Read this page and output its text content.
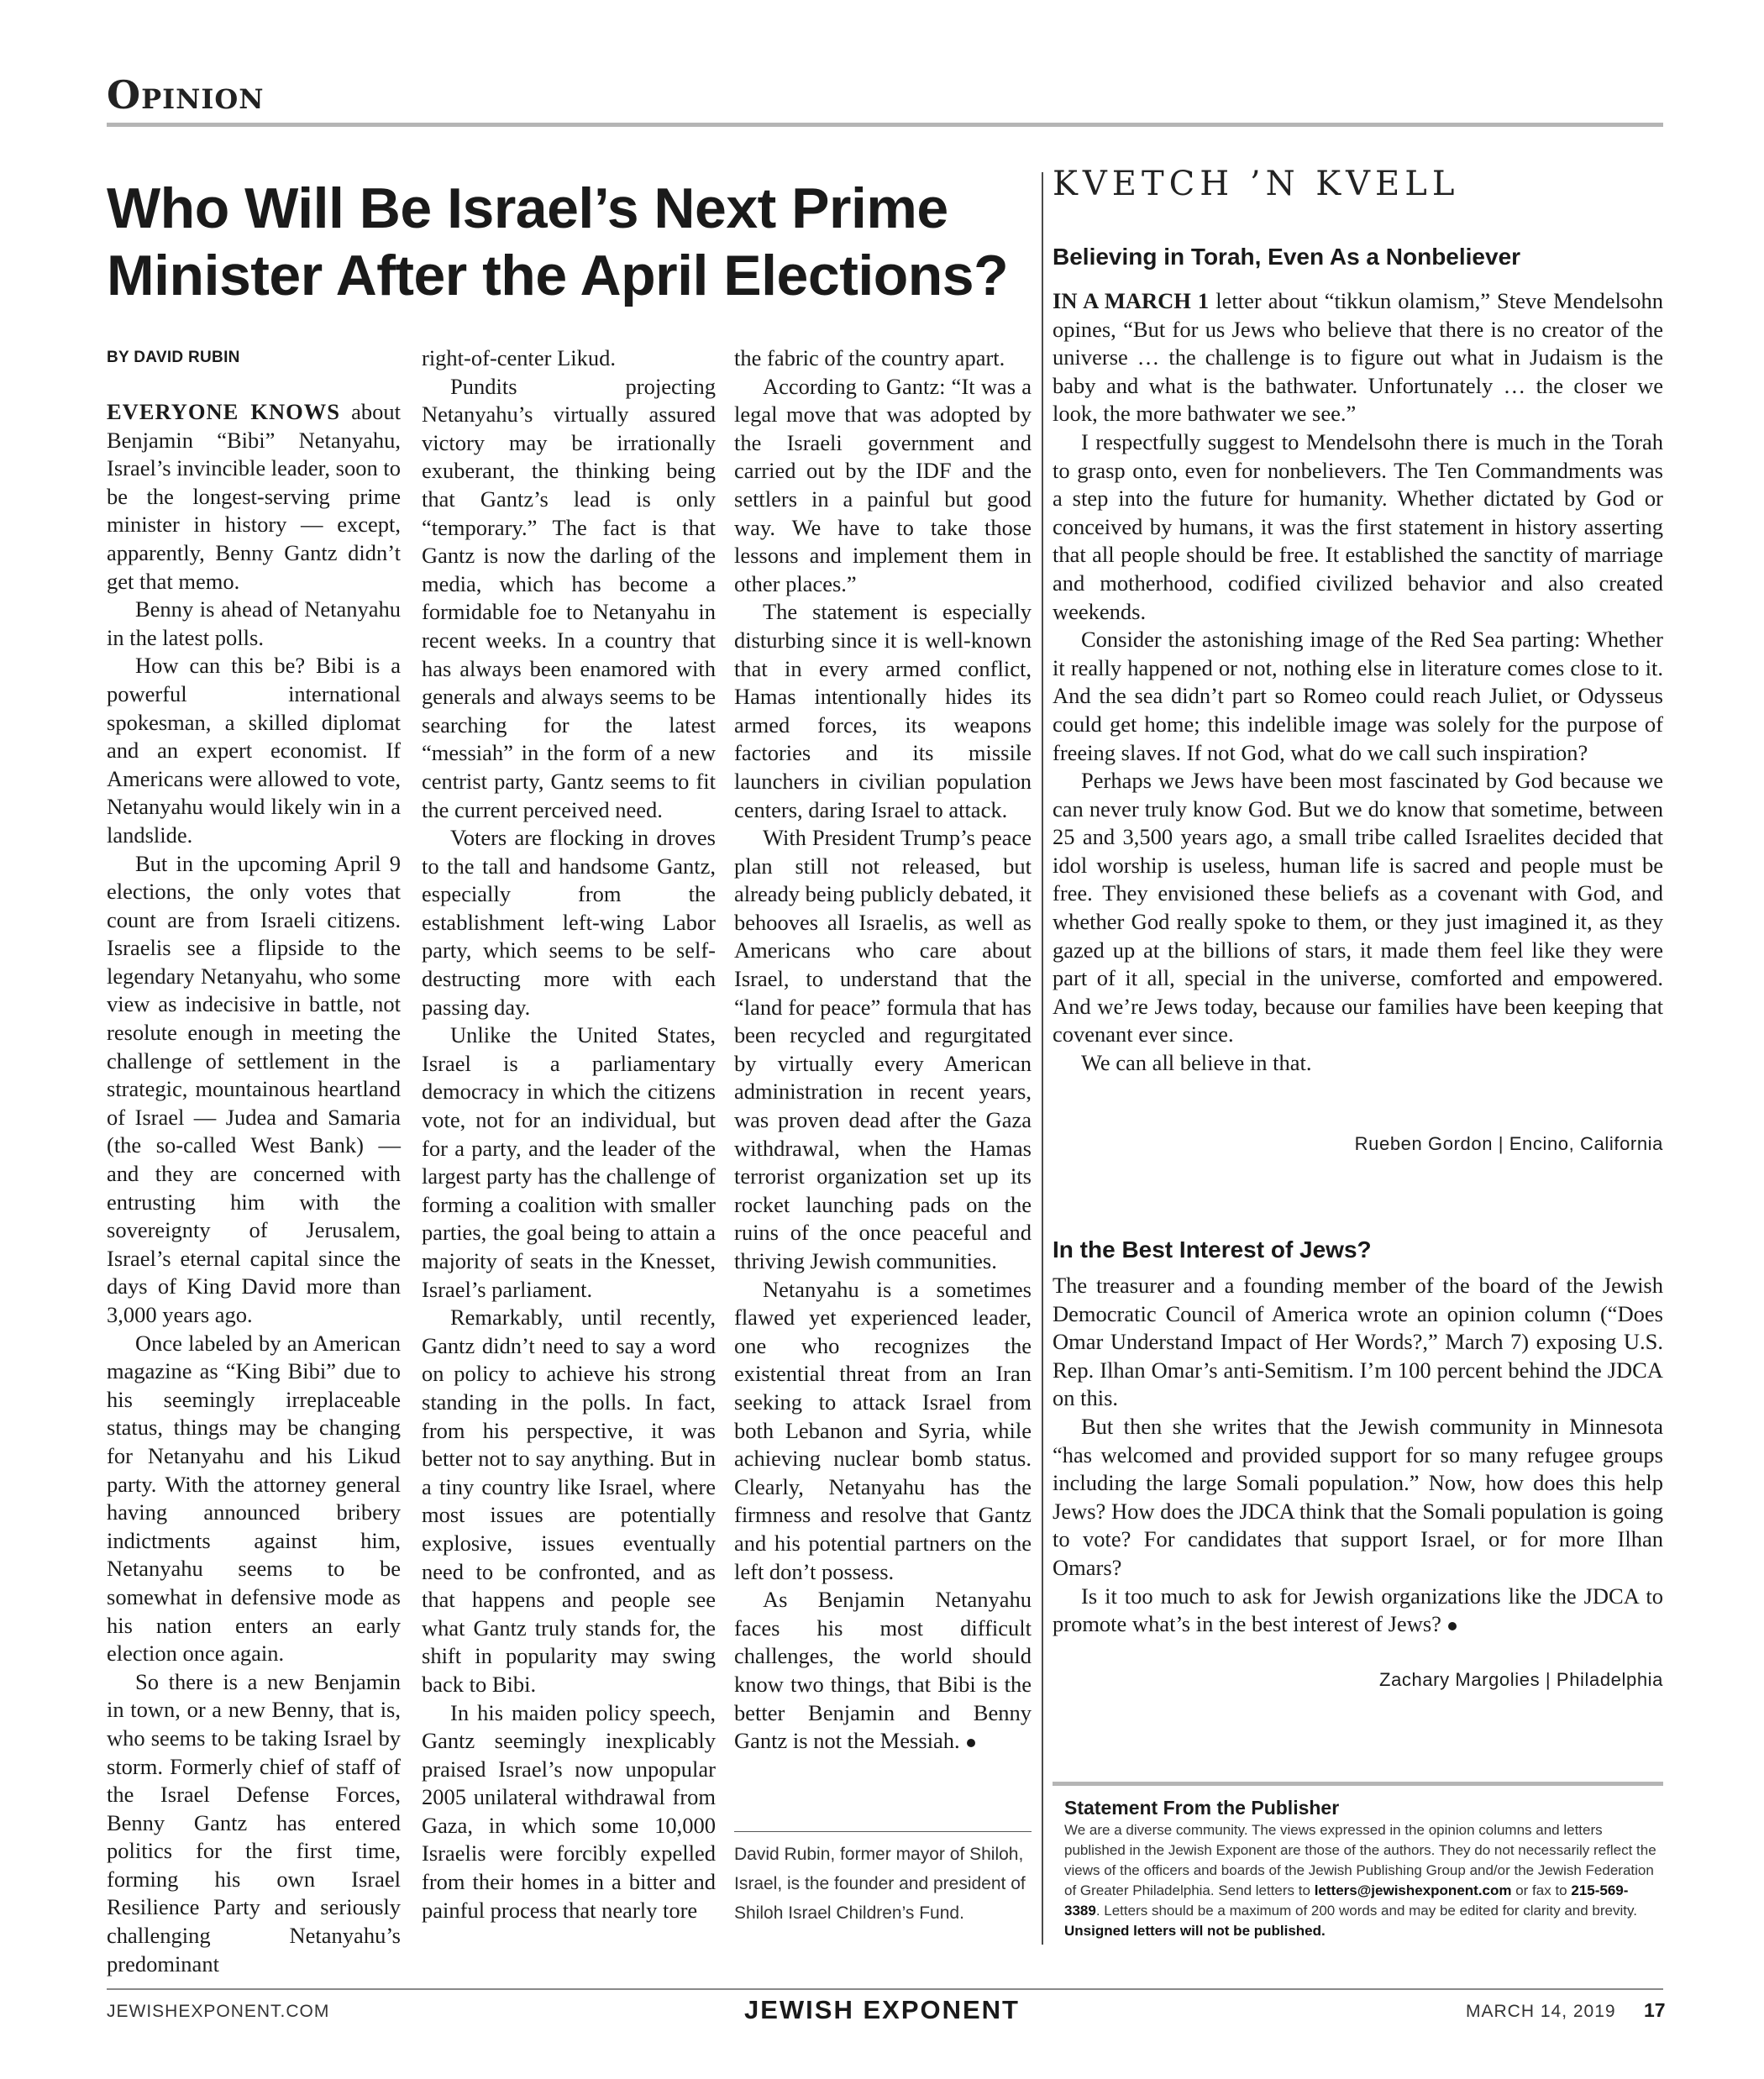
Opinion
Who Will Be Israel’s Next Prime
Minister After the April Elections?
BY DAVID RUBIN

EVERYONE KNOWS about Benjamin “Bibi” Netanyahu, Israel’s invincible leader, soon to be the longest-serving prime minister in history — except, apparently, Benny Gantz didn’t get that memo.

Benny is ahead of Netanyahu in the latest polls.

How can this be? Bibi is a powerful international spokesman, a skilled diplomat and an expert economist. If Americans were allowed to vote, Netanyahu would likely win in a landslide.

But in the upcoming April 9 elections, the only votes that count are from Israeli citizens. Israelis see a flipside to the legendary Netanyahu, who some view as indecisive in battle, not resolute enough in meeting the challenge of settlement in the strategic, mountainous heartland of Israel — Judea and Samaria (the so-called West Bank) — and they are concerned with entrusting him with the sovereignty of Jerusalem, Israel’s eternal capital since the days of King David more than 3,000 years ago.

Once labeled by an American magazine as “King Bibi” due to his seemingly irreplaceable status, things may be changing for Netanyahu and his Likud party. With the attorney general having announced bribery indictments against him, Netanyahu seems to be somewhat in defensive mode as his nation enters an early election once again.

So there is a new Benjamin in town, or a new Benny, that is, who seems to be taking Israel by storm. Formerly chief of staff of the Israel Defense Forces, Benny Gantz has entered politics for the first time, forming his own Israel Resilience Party and seriously challenging Netanyahu’s predominant

right-of-center Likud.

Pundits projecting Netanyahu’s virtually assured victory may be irrationally exuberant, the thinking being that Gantz’s lead is only “temporary.” The fact is that Gantz is now the darling of the media, which has become a formidable foe to Netanyahu in recent weeks. In a country that has always been enamored with generals and always seems to be searching for the latest “messiah” in the form of a new centrist party, Gantz seems to fit the current perceived need.

Voters are flocking in droves to the tall and handsome Gantz, especially from the establishment left-wing Labor party, which seems to be self-destructing more with each passing day.

Unlike the United States, Israel is a parliamentary democracy in which the citizens vote, not for an individual, but for a party, and the leader of the largest party has the challenge of forming a coalition with smaller parties, the goal being to attain a majority of seats in the Knesset, Israel’s parliament.

Remarkably, until recently, Gantz didn’t need to say a word on policy to achieve his strong standing in the polls. In fact, from his perspective, it was better not to say anything. But in a tiny country like Israel, where most issues are potentially explosive, issues eventually need to be confronted, and as that happens and people see what Gantz truly stands for, the shift in popularity may swing back to Bibi.

In his maiden policy speech, Gantz seemingly inexplicably praised Israel’s now unpopular 2005 unilateral withdrawal from Gaza, in which some 10,000 Israelis were forcibly expelled from their homes in a bitter and painful process that nearly tore

the fabric of the country apart.

According to Gantz: “It was a legal move that was adopted by the Israeli government and carried out by the IDF and the settlers in a painful but good way. We have to take those lessons and implement them in other places.”

The statement is especially disturbing since it is well-known that in every armed conflict, Hamas intentionally hides its armed forces, its weapons factories and its missile launchers in civilian population centers, daring Israel to attack.

With President Trump’s peace plan still not released, but already being publicly debated, it behooves all Israelis, as well as Americans who care about Israel, to understand that the “land for peace” formula that has been recycled and regurgitated by virtually every American administration in recent years, was proven dead after the Gaza withdrawal, when the Hamas terrorist organization set up its rocket launching pads on the ruins of the once peaceful and thriving Jewish communities.

Netanyahu is a sometimes flawed yet experienced leader, one who recognizes the existential threat from an Iran seeking to attack Israel from both Lebanon and Syria, while achieving nuclear bomb status. Clearly, Netanyahu has the firmness and resolve that Gantz and his potential partners on the left don’t possess.

As Benjamin Netanyahu faces his most difficult challenges, the world should know two things, that Bibi is the better Benjamin and Benny Gantz is not the Messiah.

David Rubin, former mayor of Shiloh, Israel, is the founder and president of Shiloh Israel Children’s Fund.
KVETCH ’N KVELL
Believing in Torah, Even As a Nonbeliever

IN A MARCH 1 letter about “tikkun olamism,” Steve Mendelsohn opines, “But for us Jews who believe that there is no creator of the universe … the challenge is to figure out what in Judaism is the baby and what is the bathwater. Unfortunately … the closer we look, the more bathwater we see.”

I respectfully suggest to Mendelsohn there is much in the Torah to grasp onto, even for nonbelievers. The Ten Commandments was a step into the future for humanity. Whether dictated by God or conceived by humans, it was the first statement in history asserting that all people should be free. It established the sanctity of marriage and motherhood, codified civilized behavior and also created weekends.

Consider the astonishing image of the Red Sea parting: Whether it really happened or not, nothing else in literature comes close to it. And the sea didn’t part so Romeo could reach Juliet, or Odysseus could get home; this indelible image was solely for the purpose of freeing slaves. If not God, what do we call such inspiration?

Perhaps we Jews have been most fascinated by God because we can never truly know God. But we do know that sometime, between 25 and 3,500 years ago, a small tribe called Israelites decided that idol worship is useless, human life is sacred and people must be free. They envisioned these beliefs as a covenant with God, and whether God really spoke to them, or they just imagined it, as they gazed up at the billions of stars, it made them feel like they were part of it all, special in the universe, comforted and empowered. And we’re Jews today, because our families have been keeping that covenant ever since.

We can all believe in that.

Rueben Gordon | Encino, California
In the Best Interest of Jews?

The treasurer and a founding member of the board of the Jewish Democratic Council of America wrote an opinion column (“Does Omar Understand Impact of Her Words?,” March 7) exposing U.S. Rep. Ilhan Omar’s anti-Semitism. I’m 100 percent behind the JDCA on this.

But then she writes that the Jewish community in Minnesota “has welcomed and provided support for so many refugee groups including the large Somali population.” Now, how does this help Jews? How does the JDCA think that the Somali population is going to vote? For candidates that support Israel, or for more Ilhan Omars?

Is it too much to ask for Jewish organizations like the JDCA to promote what’s in the best interest of Jews?

Zachary Margolies | Philadelphia
Statement From the Publisher
We are a diverse community. The views expressed in the opinion columns and letters published in the Jewish Exponent are those of the authors. They do not necessarily reflect the views of the officers and boards of the Jewish Publishing Group and/or the Jewish Federation of Greater Philadelphia. Send letters to letters@jewishexponent.com or fax to 215-569-3389. Letters should be a maximum of 200 words and may be edited for clarity and brevity. Unsigned letters will not be published.
JEWISHEXPONENT.COM	JEWISH EXPONENT	MARCH 14, 2019 17
